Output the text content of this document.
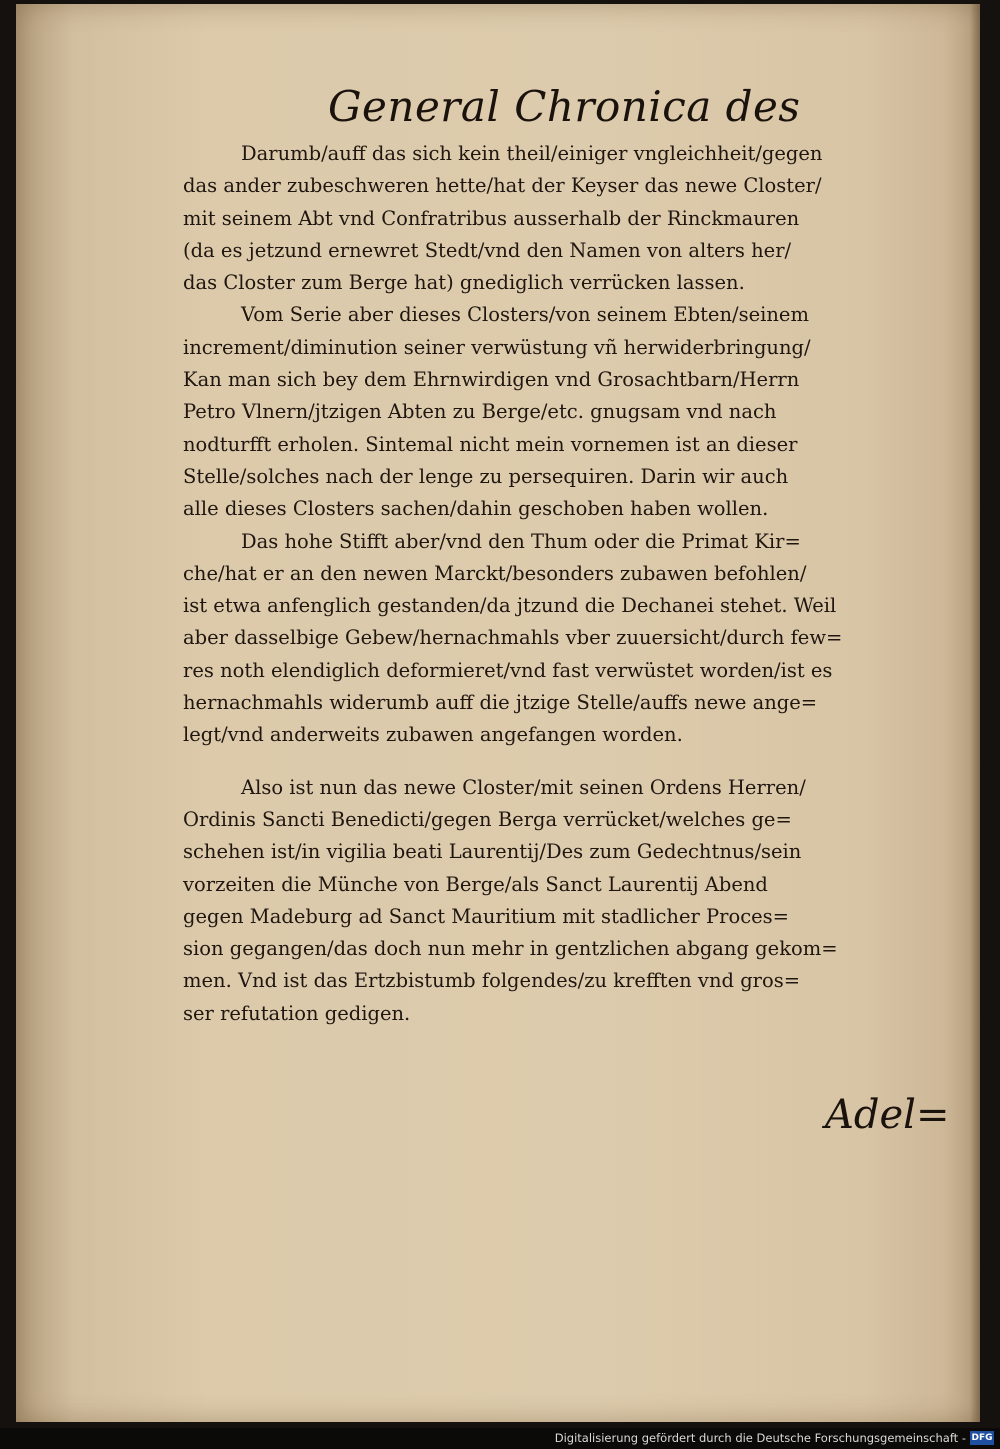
General Chronica des
Darumb/auff das sich kein theil/einiger vngleichheit/gegen
das ander zubeschweren hette/hat der Keyser das newe Closter/
mit seinem Abt vnd Confratribus ausserhalb der Rinckmauren
(da es jetzund ernewret Stedt/vnd den Namen von alters her/
das Closter zum Berge hat) gnediglich verrücken lassen.
Vom Serie aber dieses Closters/von seinem Ebten/seinem
increment/diminution seiner verwüstung vñ herwiderbringung/
Kan man sich bey dem Ehrnwirdigen vnd Grosachtbarn/Herrn
Petro Vlnern/jtzigen Abten zu Berge/etc. gnugsam vnd nach
nodturfft erholen. Sintemal nicht mein vornemen ist an dieser
Stelle/solches nach der lenge zu persequiren. Darin wir auch
alle dieses Closters sachen/dahin geschoben haben wollen.
Das hohe Stifft aber/vnd den Thum oder die Primat Kir=
che/hat er an den newen Marckt/besonders zubawen befohlen/
ist etwa anfenglich gestanden/da jtzund die Dechanei stehet. Weil
aber dasselbige Gebew/hernachmahls vber zuuersicht/durch few=
res noth elendiglich deformieret/vnd fast verwüstet worden/ist es
hernachmahls widerumb auff die jtzige Stelle/auffs newe ange=
legt/vnd anderweits zubawen angefangen worden.
Also ist nun das newe Closter/mit seinen Ordens Herren/
Ordinis Sancti Benedicti/gegen Berga verrücket/welches ge=
schehen ist/in vigilia beati Laurentij/Des zum Gedechtnus/sein
vorzeiten die Münche von Berge/als Sanct Laurentij Abend
gegen Madeburg ad Sanct Mauritium mit stadlicher Proces=
sion gegangen/das doch nun mehr in gentzlichen abgang gekom=
men. Vnd ist das Ertzbistumb folgendes/zu krefften vnd gros=
ser refutation gedigen.
Adel=
Digitalisierung gefördert durch die Deutsche Forschungsgemeinschaft - DFG
